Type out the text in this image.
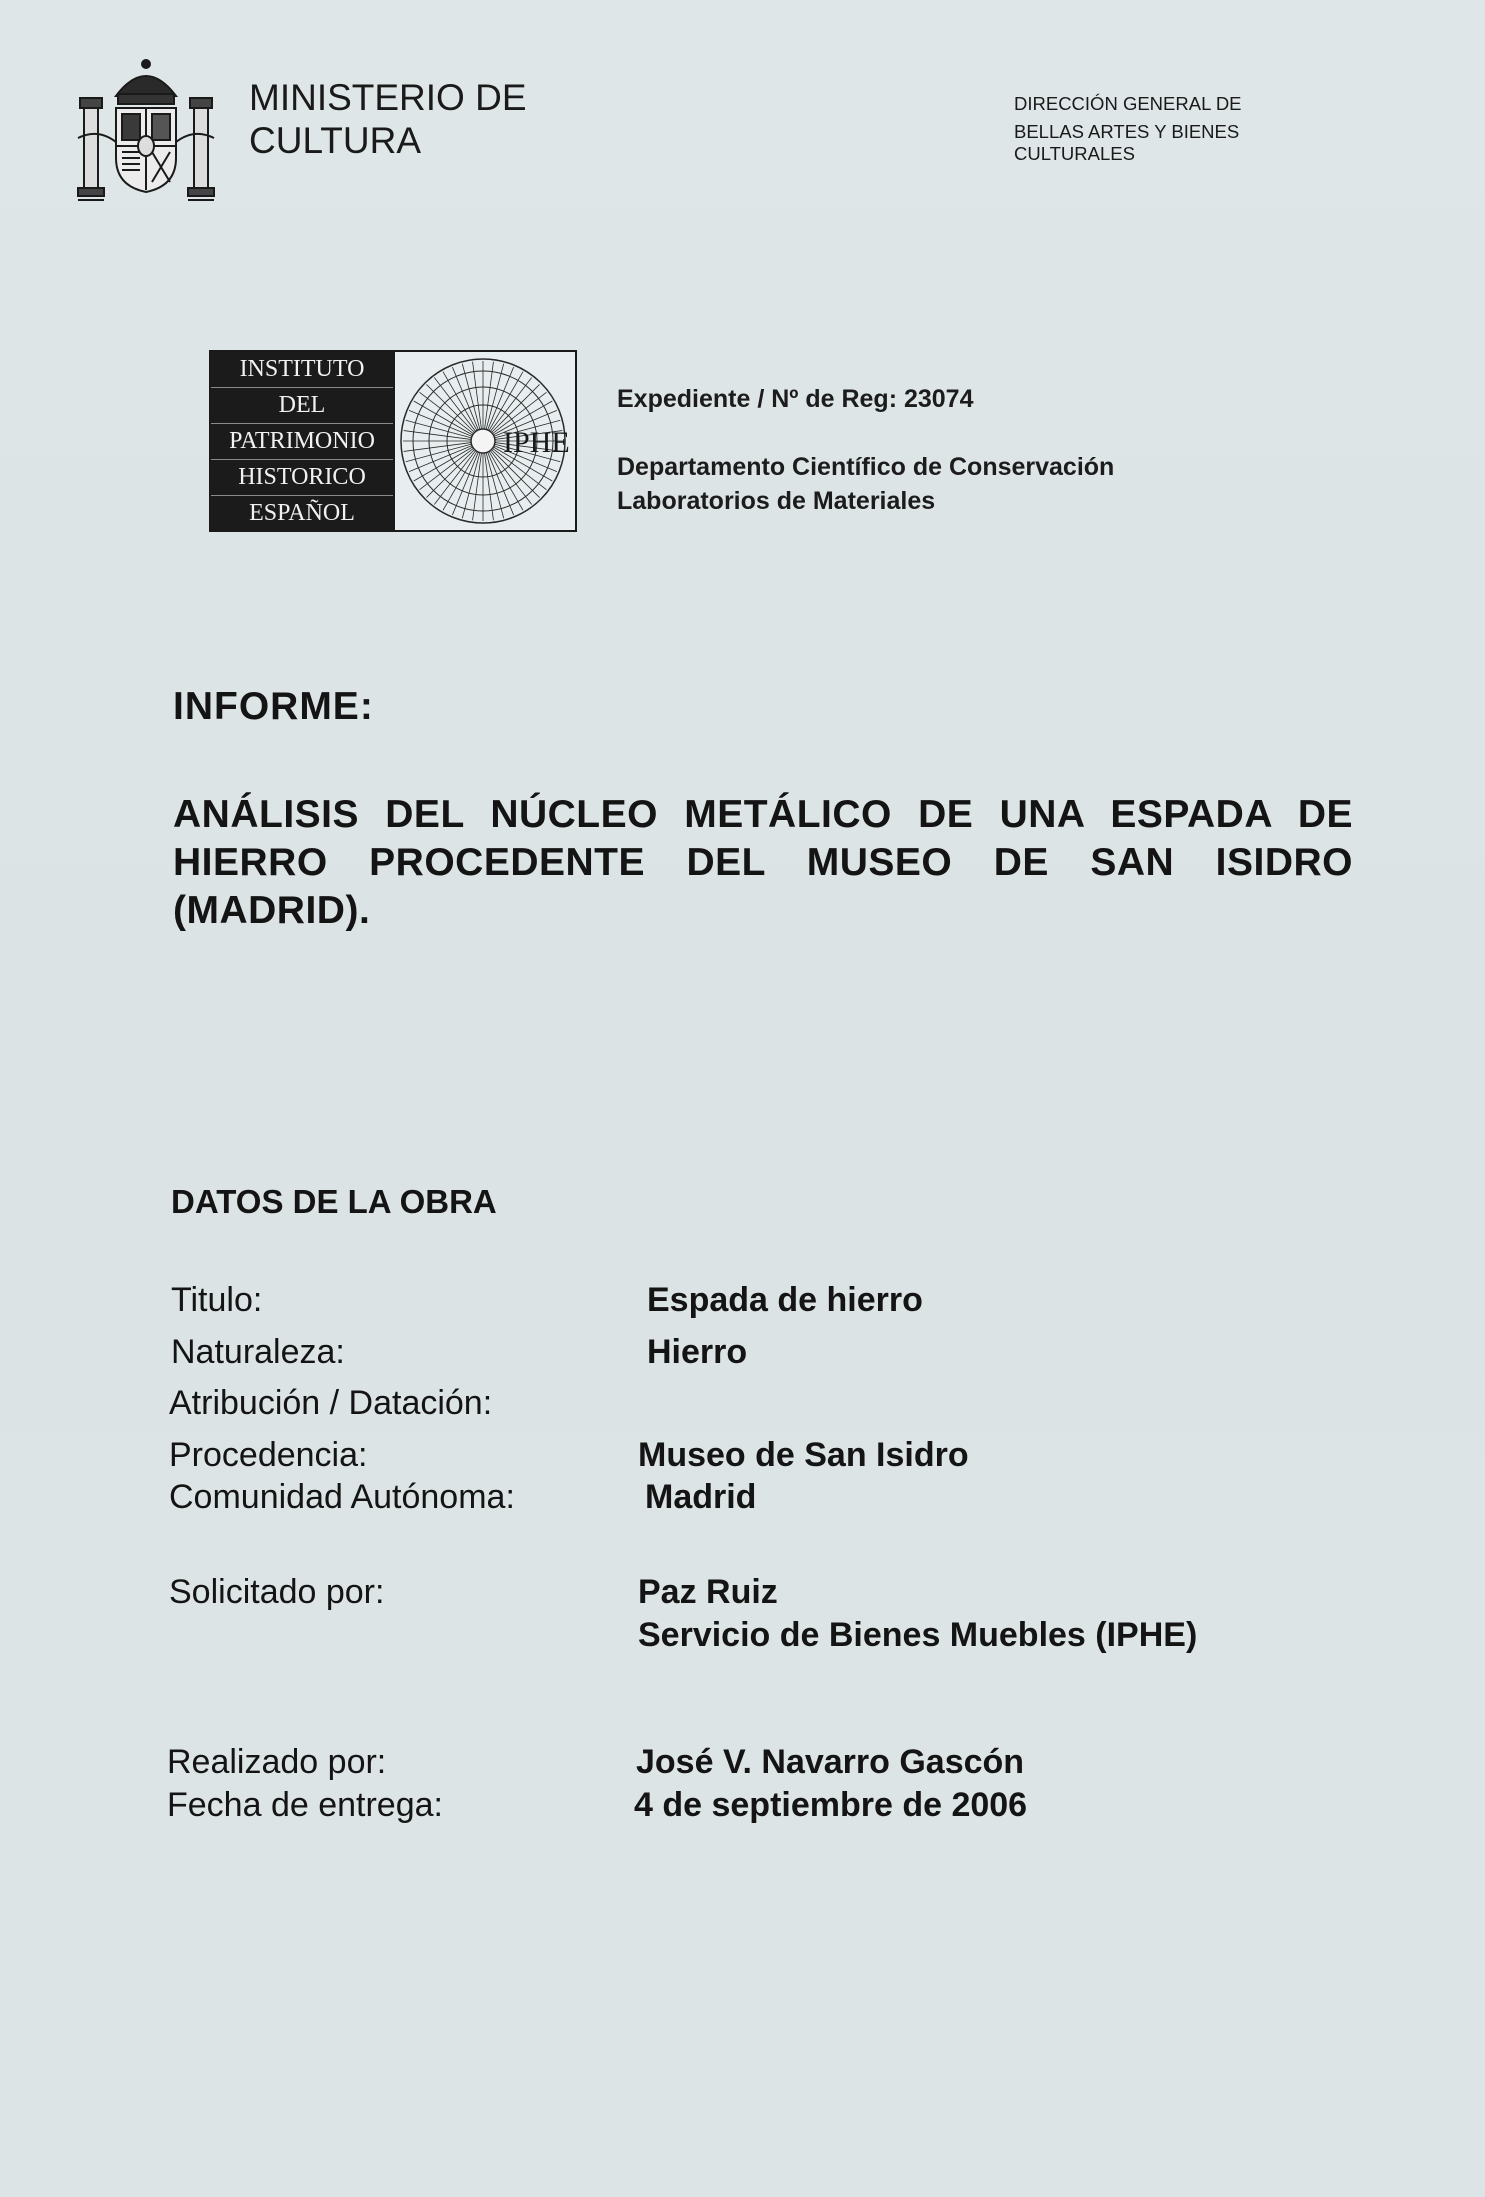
MINISTERIO DE
CULTURA
DIRECCIÓN GENERAL DE
BELLAS ARTES Y BIENES
CULTURALES
INSTITUTO
DEL
PATRIMONIO
HISTORICO
ESPAÑOL
IPHE
Expediente / Nº de Reg: 23074
Departamento Científico de Conservación
Laboratorios de Materiales
INFORME:
ANÁLISIS DEL NÚCLEO METÁLICO DE UNA ESPADA DE HIERRO PROCEDENTE DEL MUSEO DE SAN ISIDRO (MADRID).
DATOS DE LA OBRA
Titulo:	Espada de hierro
Naturaleza:	Hierro
Atribución / Datación:
Procedencia:	Museo de San Isidro
Comunidad Autónoma:	Madrid
Solicitado por:	Paz Ruiz
Servicio de Bienes Muebles (IPHE)
Realizado por:	José V. Navarro Gascón
Fecha de entrega:	4 de septiembre de 2006
